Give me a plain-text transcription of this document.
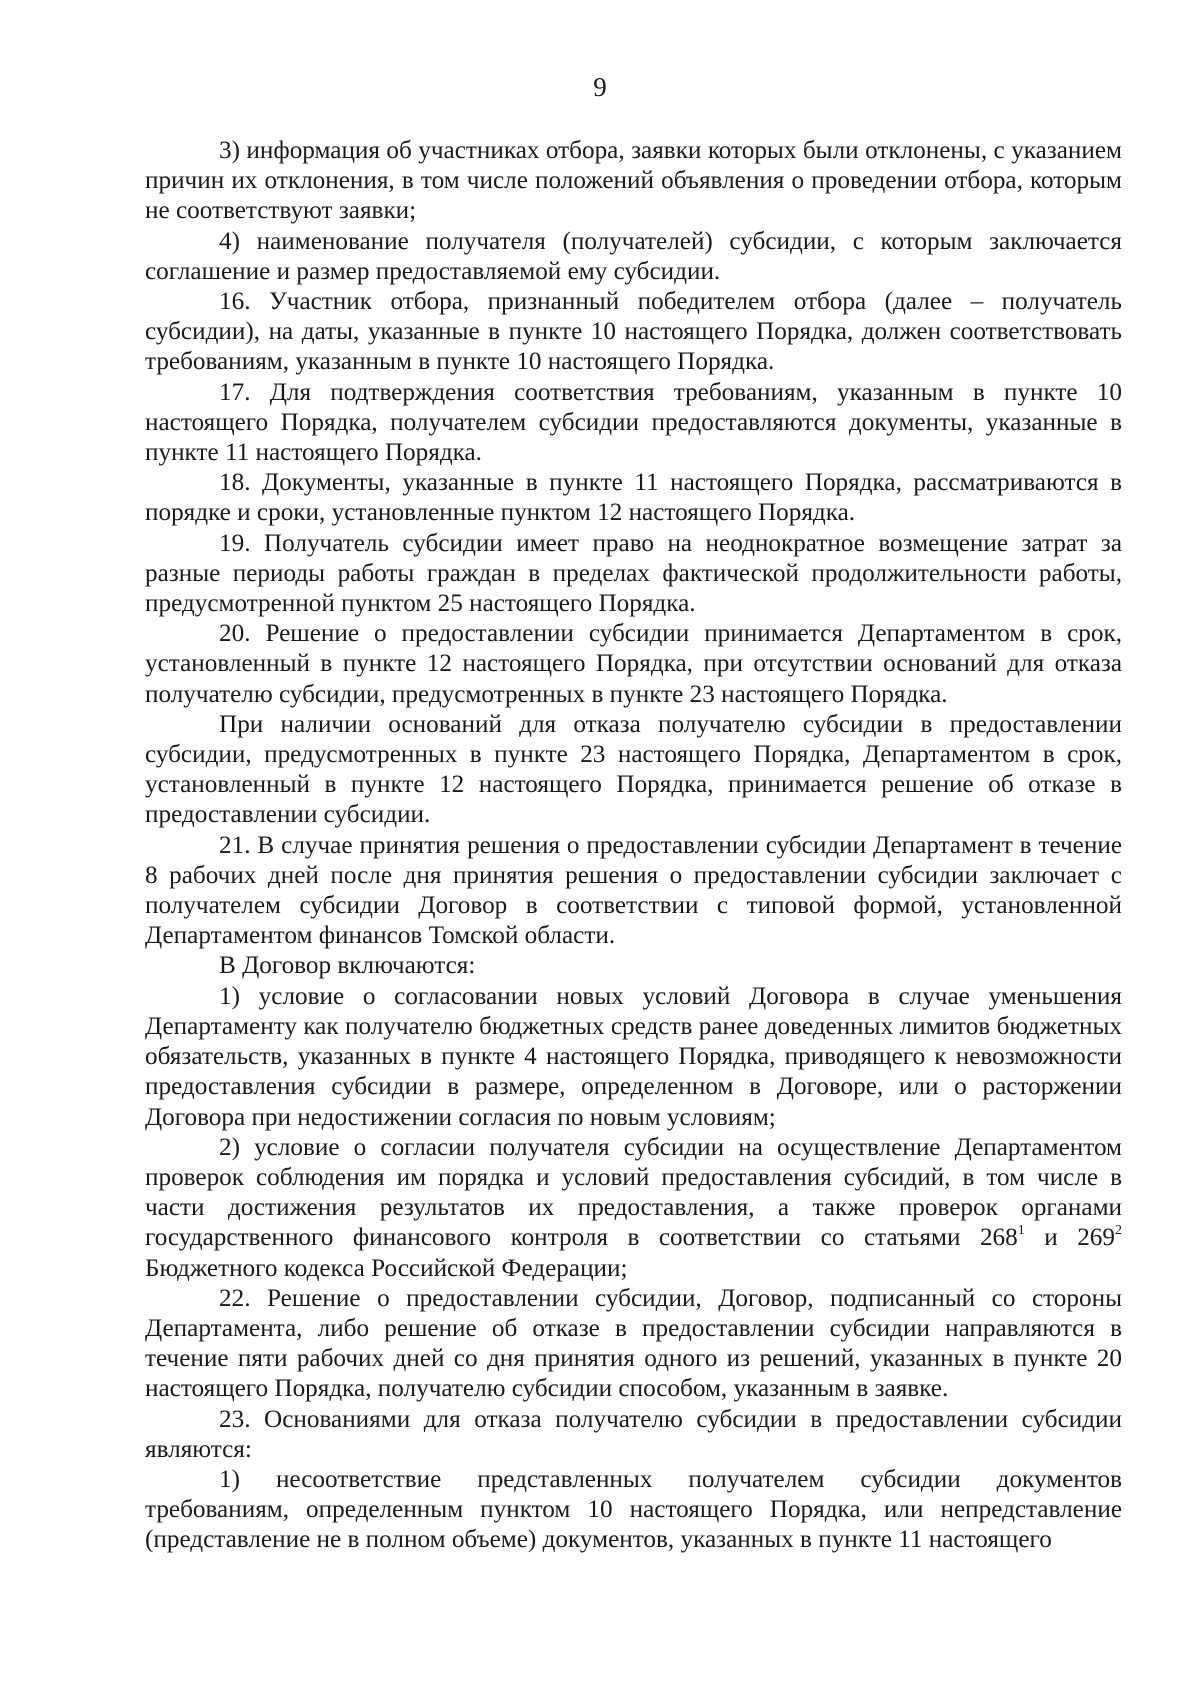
9

3) информация об участниках отбора, заявки которых были отклонены, с указанием причин их отклонения, в том числе положений объявления о проведении отбора, которым не соответствуют заявки;

4) наименование получателя (получателей) субсидии, с которым заключается соглашение и размер предоставляемой ему субсидии.

16. Участник отбора, признанный победителем отбора (далее – получатель субсидии), на даты, указанные в пункте 10 настоящего Порядка, должен соответствовать требованиям, указанным в пункте 10 настоящего Порядка.

17. Для подтверждения соответствия требованиям, указанным в пункте 10 настоящего Порядка, получателем субсидии предоставляются документы, указанные в пункте 11 настоящего Порядка.

18. Документы, указанные в пункте 11 настоящего Порядка, рассматриваются в порядке и сроки, установленные пунктом 12 настоящего Порядка.

19. Получатель субсидии имеет право на неоднократное возмещение затрат за разные периоды работы граждан в пределах фактической продолжительности работы, предусмотренной пунктом 25 настоящего Порядка.

20. Решение о предоставлении субсидии принимается Департаментом в срок, установленный в пункте 12 настоящего Порядка, при отсутствии оснований для отказа получателю субсидии, предусмотренных в пункте 23 настоящего Порядка.

При наличии оснований для отказа получателю субсидии в предоставлении субсидии, предусмотренных в пункте 23 настоящего Порядка, Департаментом в срок, установленный в пункте 12 настоящего Порядка, принимается решение об отказе в предоставлении субсидии.

21. В случае принятия решения о предоставлении субсидии Департамент в течение 8 рабочих дней после дня принятия решения о предоставлении субсидии заключает с получателем субсидии Договор в соответствии с типовой формой, установленной Департаментом финансов Томской области.

В Договор включаются:

1) условие о согласовании новых условий Договора в случае уменьшения Департаменту как получателю бюджетных средств ранее доведенных лимитов бюджетных обязательств, указанных в пункте 4 настоящего Порядка, приводящего к невозможности предоставления субсидии в размере, определенном в Договоре, или о расторжении Договора при недостижении согласия по новым условиям;

2) условие о согласии получателя субсидии на осуществление Департаментом проверок соблюдения им порядка и условий предоставления субсидий, в том числе в части достижения результатов их предоставления, а также проверок органами государственного финансового контроля в соответствии со статьями $268^1$ и $269^2$ Бюджетного кодекса Российской Федерации;

22. Решение о предоставлении субсидии, Договор, подписанный со стороны Департамента, либо решение об отказе в предоставлении субсидии направляются в течение пяти рабочих дней со дня принятия одного из решений, указанных в пункте 20 настоящего Порядка, получателю субсидии способом, указанным в заявке.

23. Основаниями для отказа получателю субсидии в предоставлении субсидии являются:

1) несоответствие представленных получателем субсидии документов требованиям, определенным пунктом 10 настоящего Порядка, или непредставление (представление не в полном объеме) документов, указанных в пункте 11 настоящего
